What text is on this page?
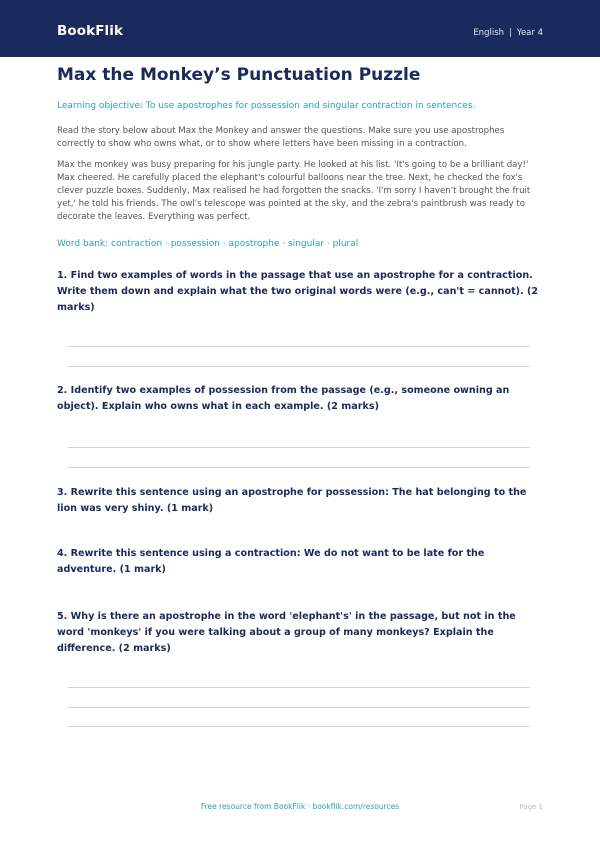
BookFlik	English | Year 4
Max the Monkey’s Punctuation Puzzle
Learning objective: To use apostrophes for possession and singular contraction in sentences.

Read the story below about Max the Monkey and answer the questions. Make sure you use apostrophes correctly to show who owns what, or to show where letters have been missing in a contraction.

Max the monkey was busy preparing for his jungle party. He looked at his list. 'It's going to be a brilliant day!' Max cheered. He carefully placed the elephant's colourful balloons near the tree. Next, he checked the fox's clever puzzle boxes. Suddenly, Max realised he had forgotten the snacks. 'I'm sorry I haven't brought the fruit yet,' he told his friends. The owl's telescope was pointed at the sky, and the zebra's paintbrush was ready to decorate the leaves. Everything was perfect.

Word bank: contraction · possession · apostrophe · singular · plural

1. Find two examples of words in the passage that use an apostrophe for a contraction. Write them down and explain what the two original words were (e.g., can't = cannot). (2 marks)

2. Identify two examples of possession from the passage (e.g., someone owning an object). Explain who owns what in each example. (2 marks)

3. Rewrite this sentence using an apostrophe for possession: The hat belonging to the lion was very shiny. (1 mark)

4. Rewrite this sentence using a contraction: We do not want to be late for the adventure. (1 mark)

5. Why is there an apostrophe in the word 'elephant's' in the passage, but not in the word 'monkeys' if you were talking about a group of many monkeys? Explain the difference. (2 marks)

Free resource from BookFlik · bookflik.com/resources	Page 1
